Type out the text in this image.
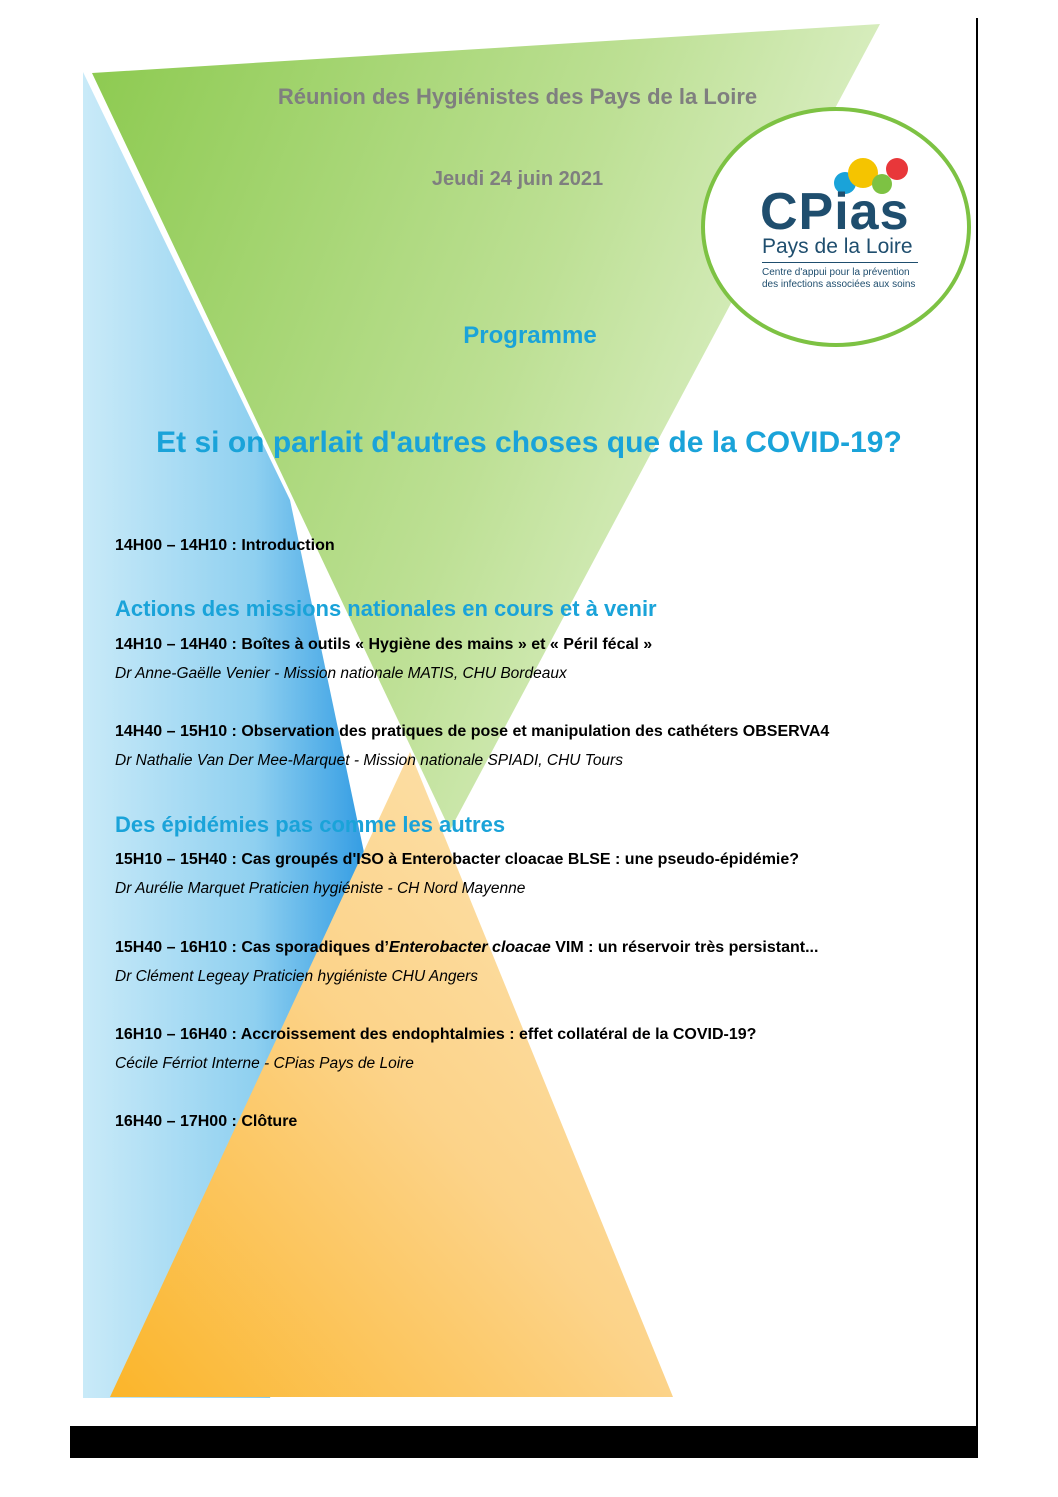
Réunion des Hygiénistes des Pays de la Loire
Jeudi 24 juin 2021
CPias
Pays de la Loire
Centre d'appui pour la prévention
des infections associées aux soins
Programme
Et si on parlait d'autres choses que de la COVID-19?
14H00 – 14H10 : Introduction
Actions des missions nationales en cours et à venir
14H10 – 14H40 : Boîtes à outils « Hygiène des mains » et « Péril fécal »
Dr Anne-Gaëlle Venier - Mission nationale MATIS, CHU Bordeaux
14H40 – 15H10 : Observation des pratiques de pose et manipulation des cathéters OBSERVA4
Dr Nathalie Van Der Mee-Marquet - Mission nationale SPIADI, CHU Tours
Des épidémies pas comme les autres
15H10 – 15H40 : Cas groupés d'ISO à Enterobacter cloacae BLSE : une pseudo-épidémie?
Dr Aurélie Marquet Praticien hygiéniste - CH Nord Mayenne
15H40 – 16H10 : Cas sporadiques d’Enterobacter cloacae VIM : un réservoir très persistant...
Dr Clément Legeay Praticien hygiéniste CHU Angers
16H10 – 16H40 : Accroissement des endophtalmies : effet collatéral de la COVID-19?
Cécile Férriot Interne - CPias Pays de Loire
16H40 – 17H00 : Clôture
